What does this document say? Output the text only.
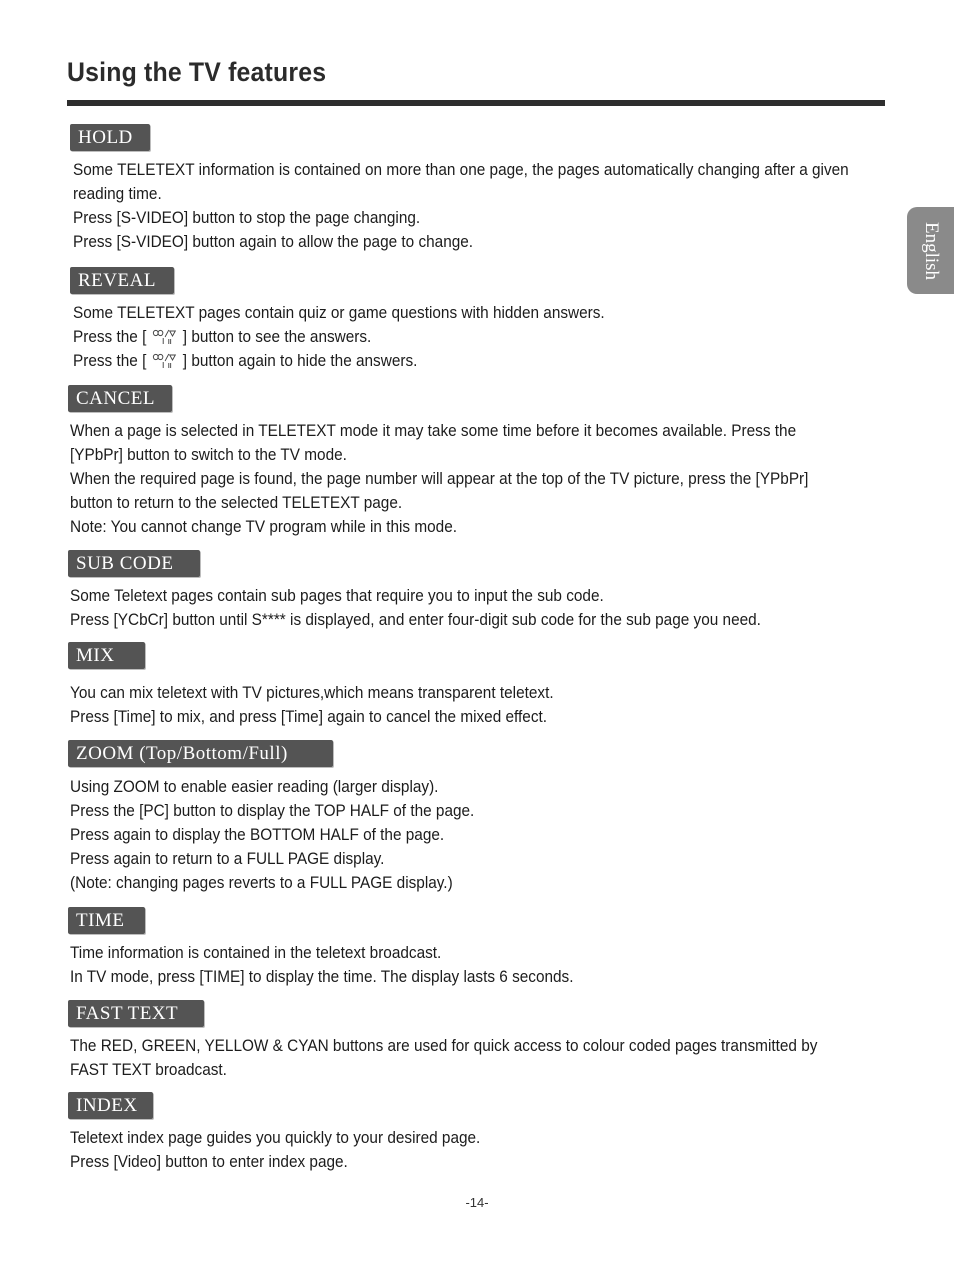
Using the TV features
English
HOLD

Some TELETEXT information is contained on more than one page, the pages automatically changing after a given

reading time.

Press [S-VIDEO] button to stop the page changing.

Press [S-VIDEO] button again to allow the page to change.

REVEAL

Some TELETEXT pages contain quiz or game questions with hidden answers.

Press the [ ] button to see the answers.

Press the [ ] button again to hide the answers.

CANCEL

When a page is selected in TELETEXT mode it may take some time before it becomes available. Press the

[YPbPr] button to switch to the TV mode.

When the required page is found, the page number will appear at the top of the TV picture, press the [YPbPr]

button to return to the selected TELETEXT page.

Note: You cannot change TV program while in this mode.

SUB CODE

Some Teletext pages contain sub pages that require you to input the sub code.

Press [YCbCr] button until S**** is displayed, and enter four-digit sub code for the sub page you need.

MIX

You can mix teletext with TV pictures,which means transparent teletext.

Press [Time] to mix, and press [Time] again to cancel the mixed effect.

ZOOM (Top/Bottom/Full)

Using ZOOM to enable easier reading (larger display).

Press the [PC] button to display the TOP HALF of the page.

Press again to display the BOTTOM HALF of the page.

Press again to return to a FULL PAGE display.

(Note: changing pages reverts to a FULL PAGE display.)

TIME

Time information is contained in the teletext broadcast.

In TV mode, press [TIME] to display the time. The display lasts 6 seconds.

FAST TEXT

The RED, GREEN, YELLOW & CYAN buttons are used for quick access to colour coded pages transmitted by

FAST TEXT broadcast.

INDEX

Teletext index page guides you quickly to your desired page.

Press [Video] button to enter index page.

-14-
